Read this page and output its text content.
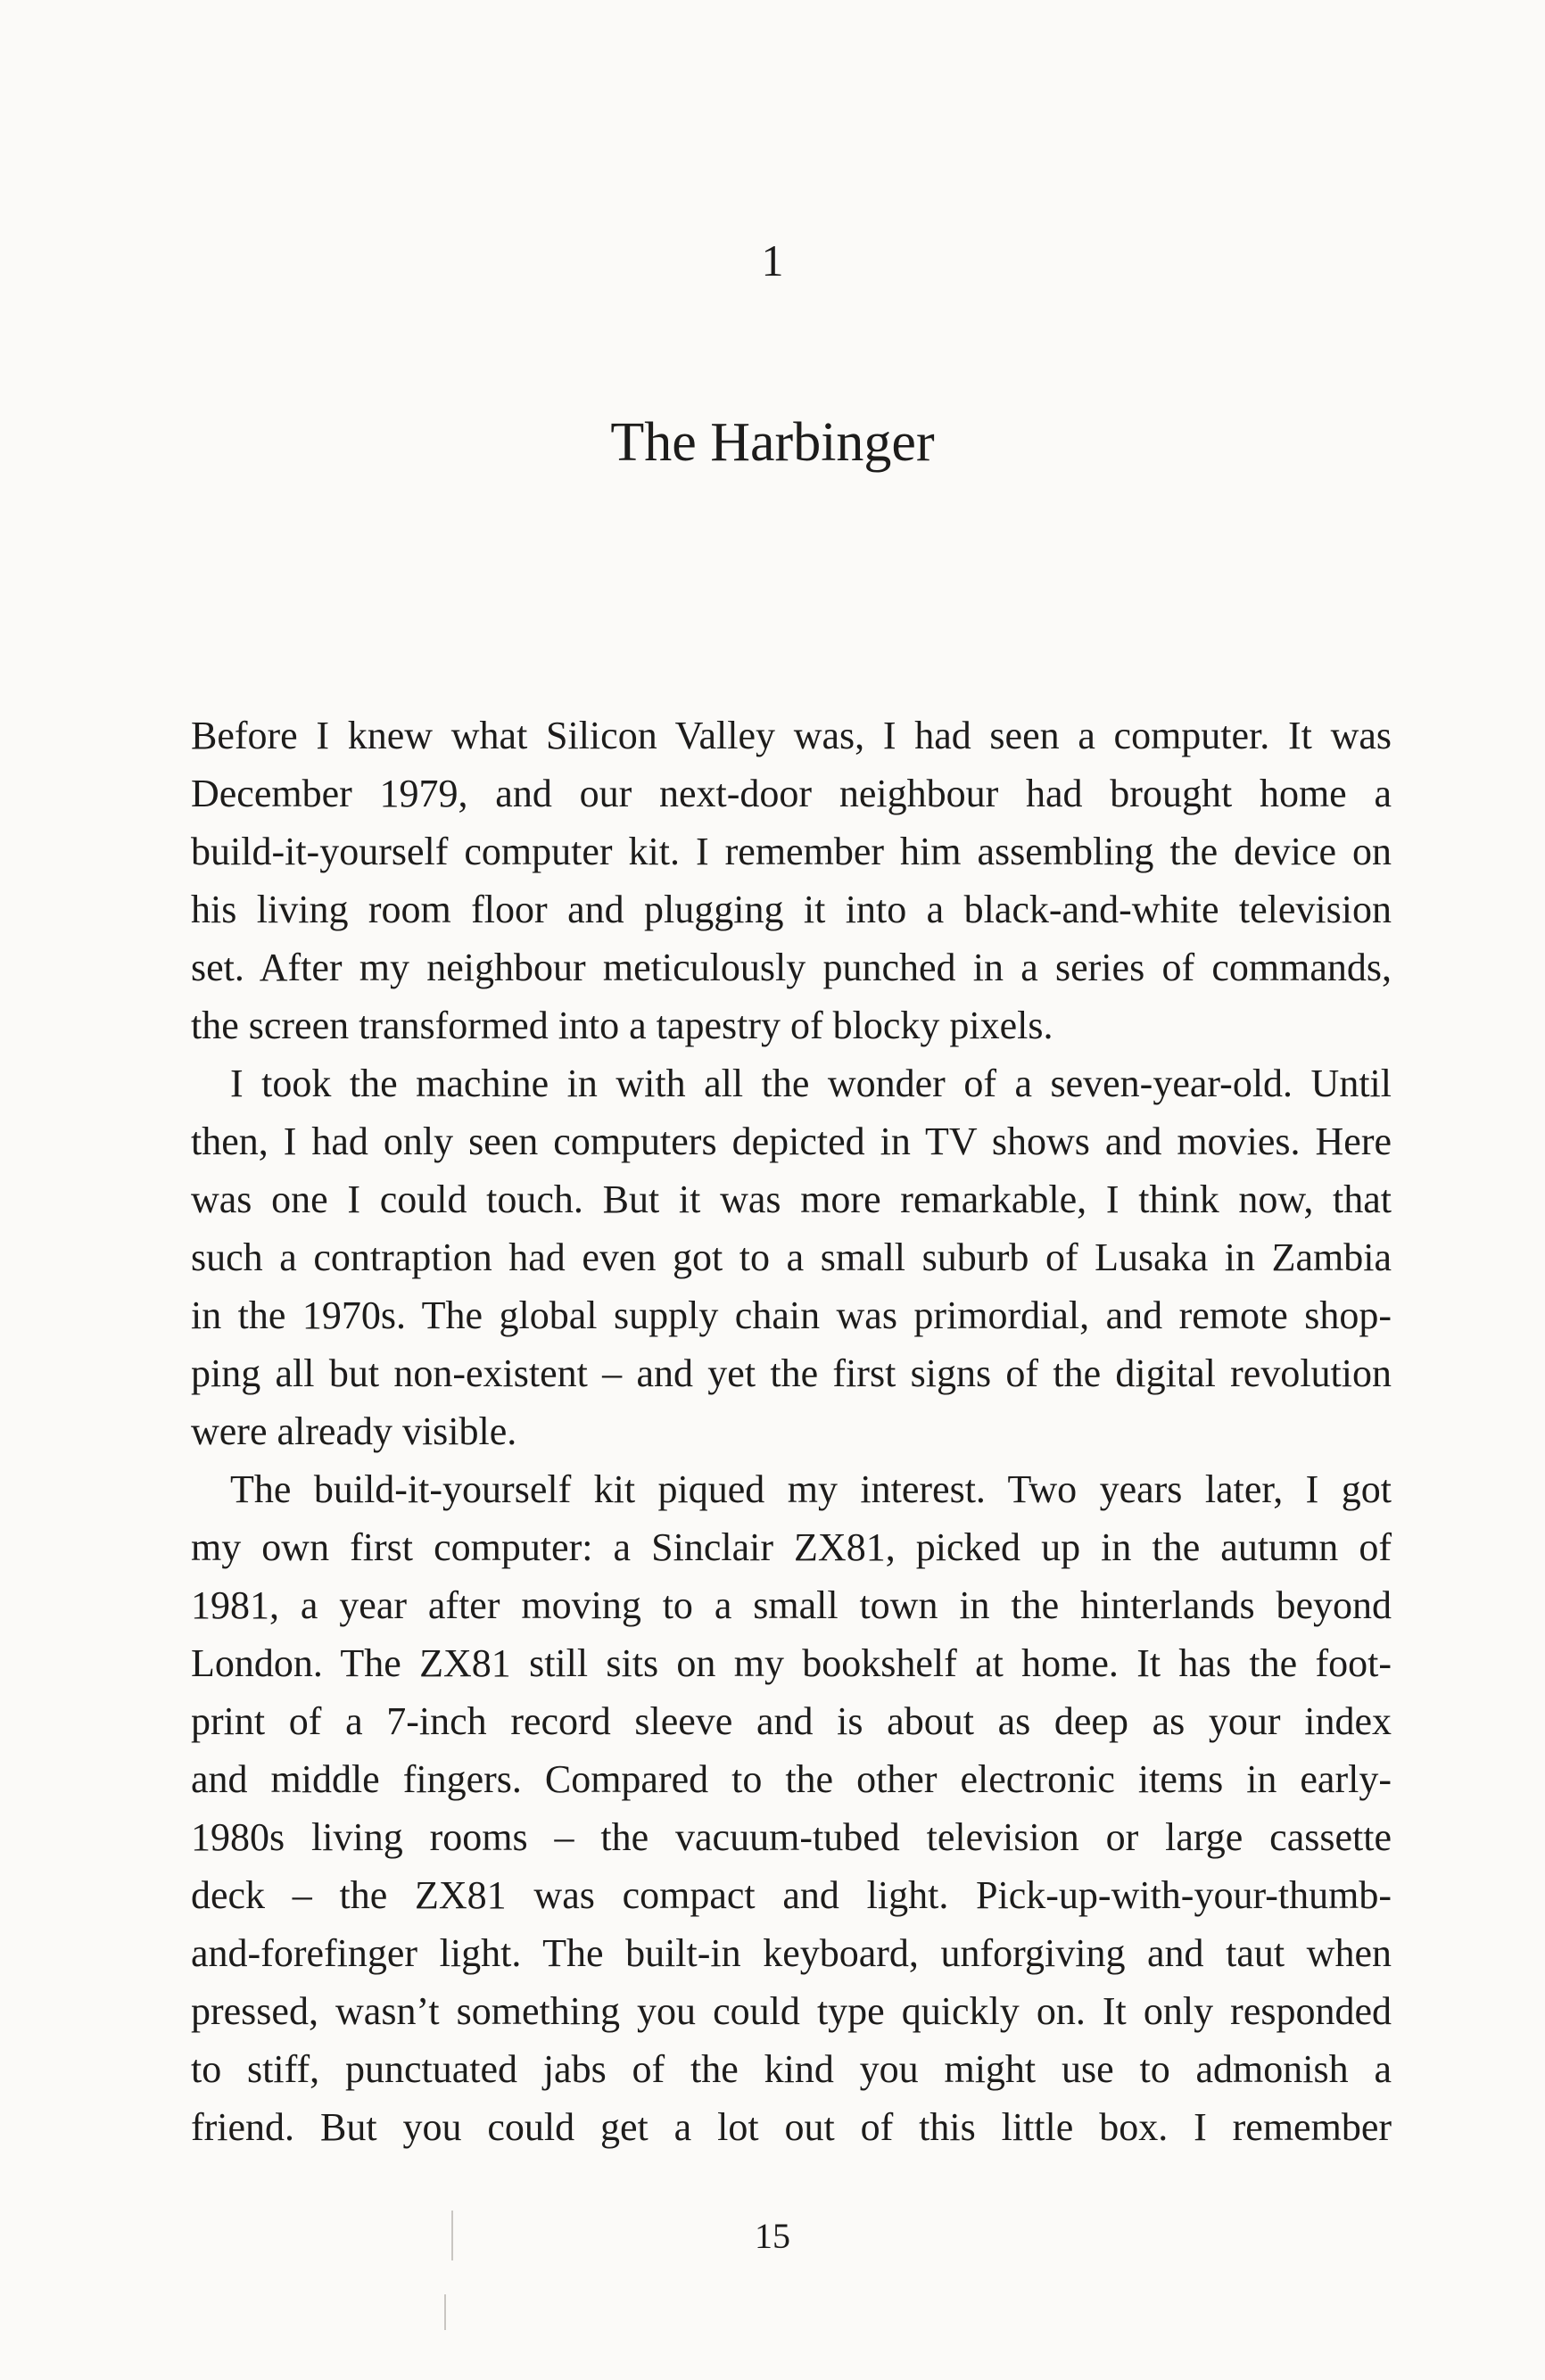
1
The Harbinger

Before I knew what Silicon Valley was, I had seen a computer. It was
December 1979, and our next-door neighbour had brought home a
build-it-yourself computer kit. I remember him assembling the device on
his living room floor and plugging it into a black-and-white television
set. After my neighbour meticulously punched in a series of commands,
the screen transformed into a tapestry of blocky pixels.

I took the machine in with all the wonder of a seven-year-old. Until
then, I had only seen computers depicted in TV shows and movies. Here
was one I could touch. But it was more remarkable, I think now, that
such a contraption had even got to a small suburb of Lusaka in Zambia
in the 1970s. The global supply chain was primordial, and remote shop-
ping all but non-existent – and yet the first signs of the digital revolution
were already visible.

The build-it-yourself kit piqued my interest. Two years later, I got
my own first computer: a Sinclair ZX81, picked up in the autumn of
1981, a year after moving to a small town in the hinterlands beyond
London. The ZX81 still sits on my bookshelf at home. It has the foot-
print of a 7-inch record sleeve and is about as deep as your index
and middle fingers. Compared to the other electronic items in early-
1980s living rooms – the vacuum-tubed television or large cassette
deck – the ZX81 was compact and light. Pick-up-with-your-thumb-
and-forefinger light. The built-in keyboard, unforgiving and taut when
pressed, wasn’t something you could type quickly on. It only responded
to stiff, punctuated jabs of the kind you might use to admonish a
friend. But you could get a lot out of this little box. I remember

15
